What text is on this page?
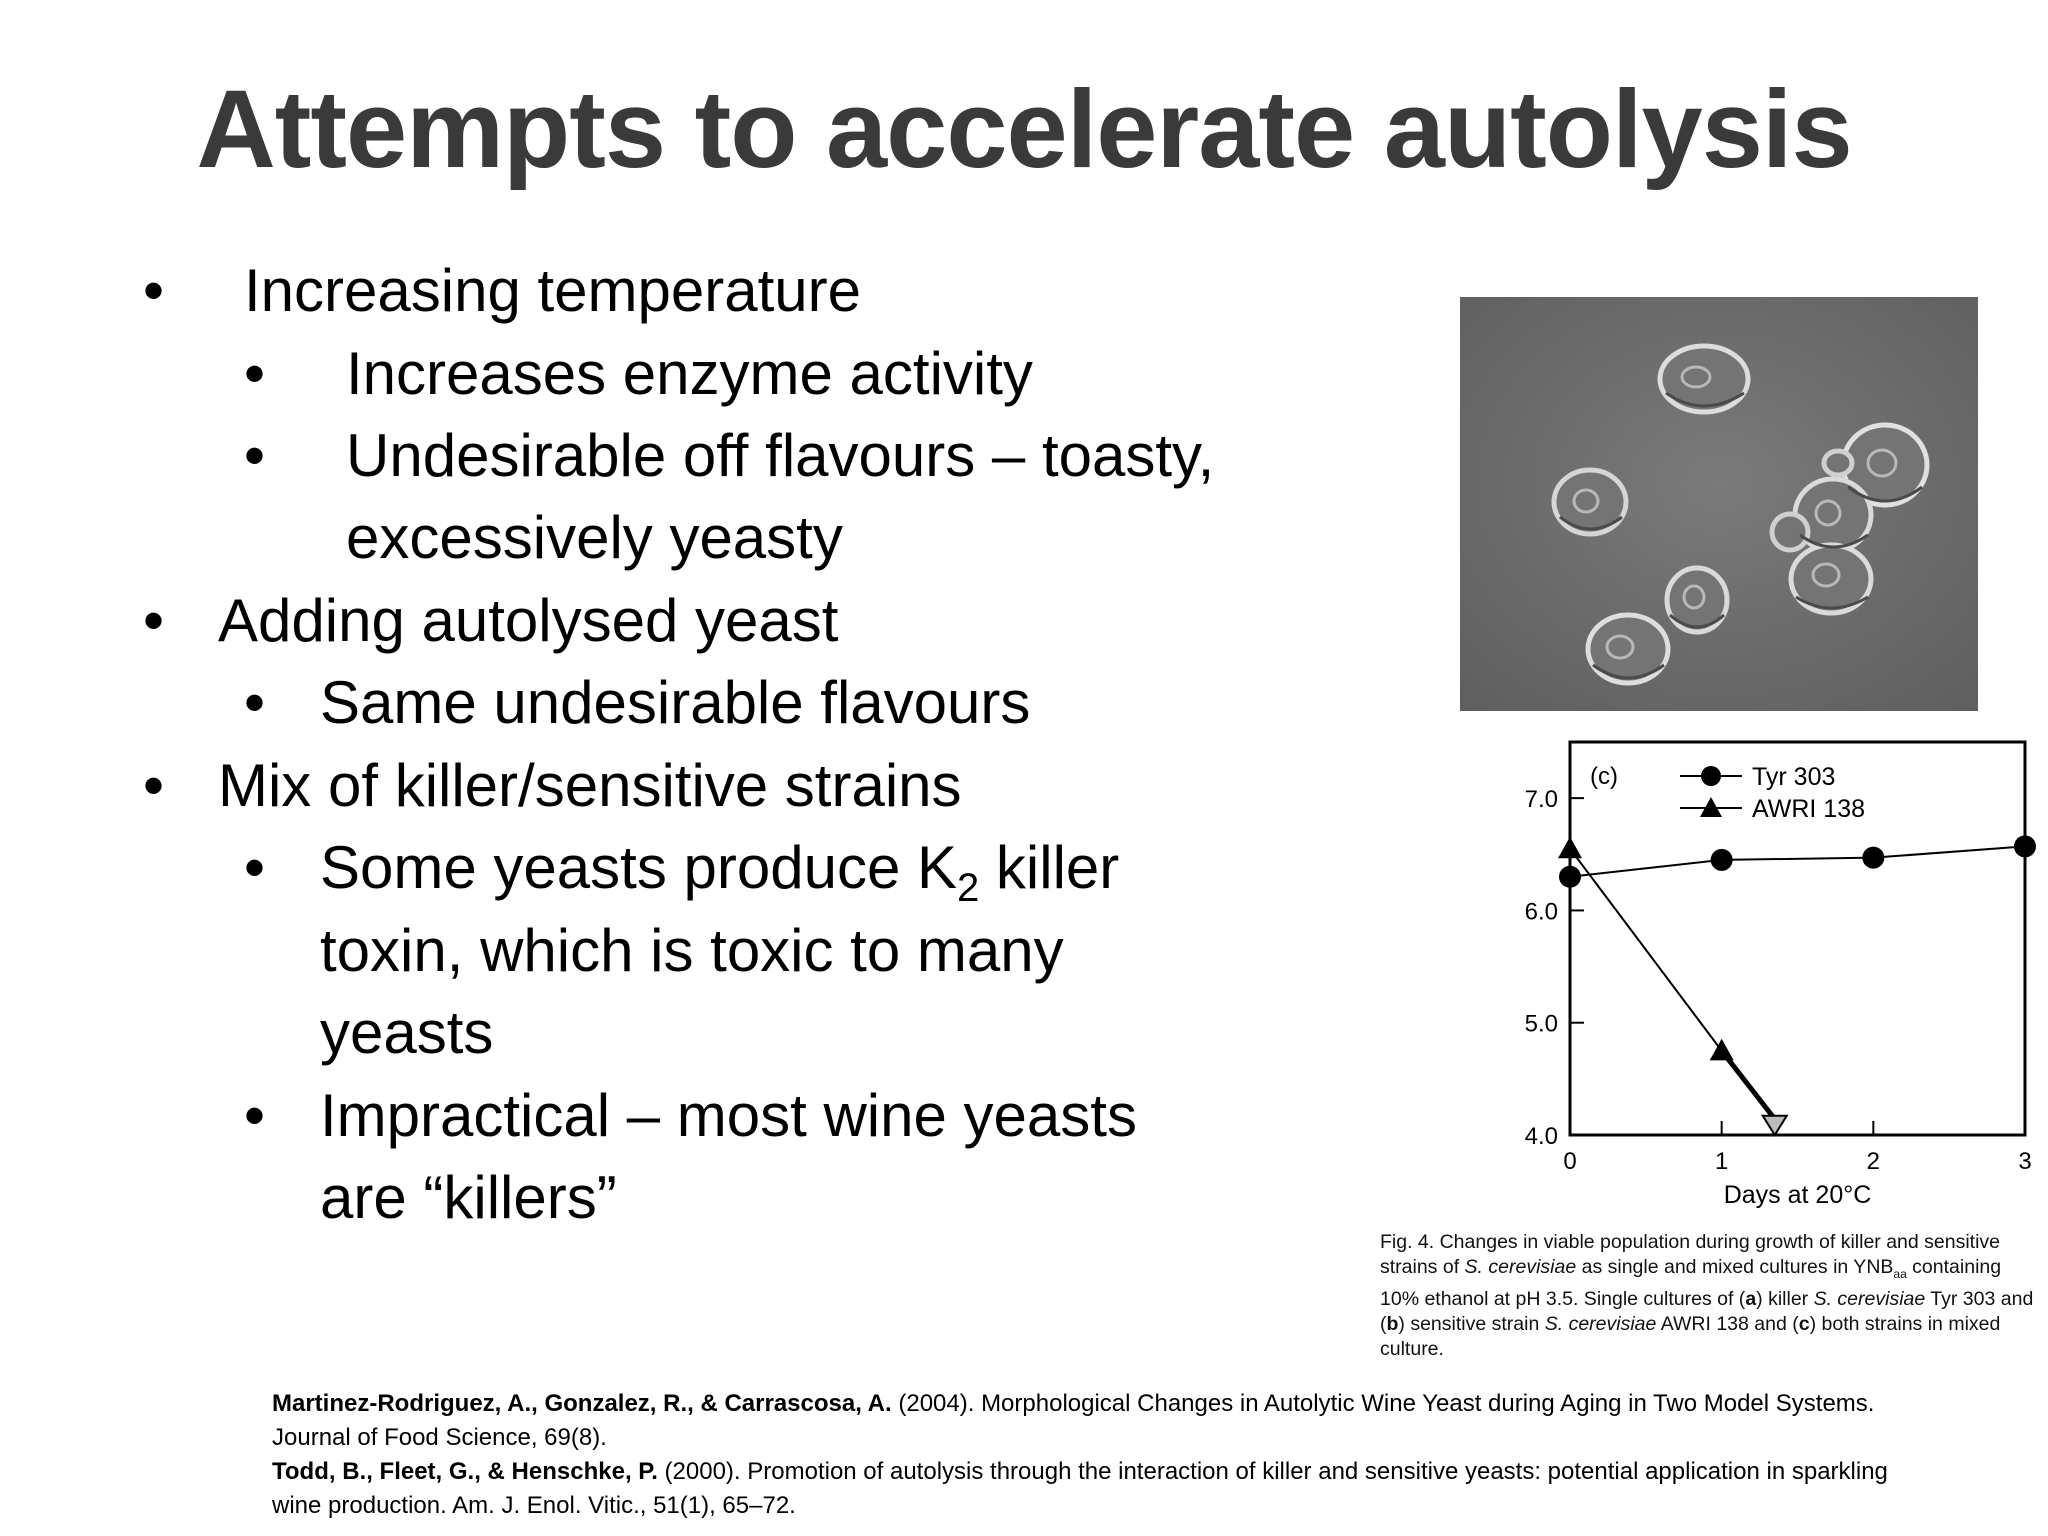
Attempts to accelerate autolysis
• Increasing temperature
• Increases enzyme activity
• Undesirable off flavours – toasty,
excessively yeasty
• Adding autolysed yeast
• Same undesirable flavours
• Mix of killer/sensitive strains
• Some yeasts produce $K_2$ killer
toxin, which is toxic to many
yeasts
• Impractical – most wine yeasts
are “killers”
4.0
5.0
6.0
7.0
0	1	2	3
Days at 20°C
(c)	Tyr 303
AWRI 138
Fig. 4. Changes in viable population during growth of killer and sensitive strains of S. cerevisiae as single and mixed cultures in $YNB_{aa}$ containing 10% ethanol at pH 3.5. Single cultures of (a) killer S. cerevisiae Tyr 303 and (b) sensitive strain S. cerevisiae AWRI 138 and (c) both strains in mixed culture.
Martinez-Rodriguez, A., Gonzalez, R., & Carrascosa, A. (2004). Morphological Changes in Autolytic Wine Yeast during Aging in Two Model Systems. Journal of Food Science, 69(8).
Todd, B., Fleet, G., & Henschke, P. (2000). Promotion of autolysis through the interaction of killer and sensitive yeasts: potential application in sparkling wine production. Am. J. Enol. Vitic., 51(1), 65–72.
